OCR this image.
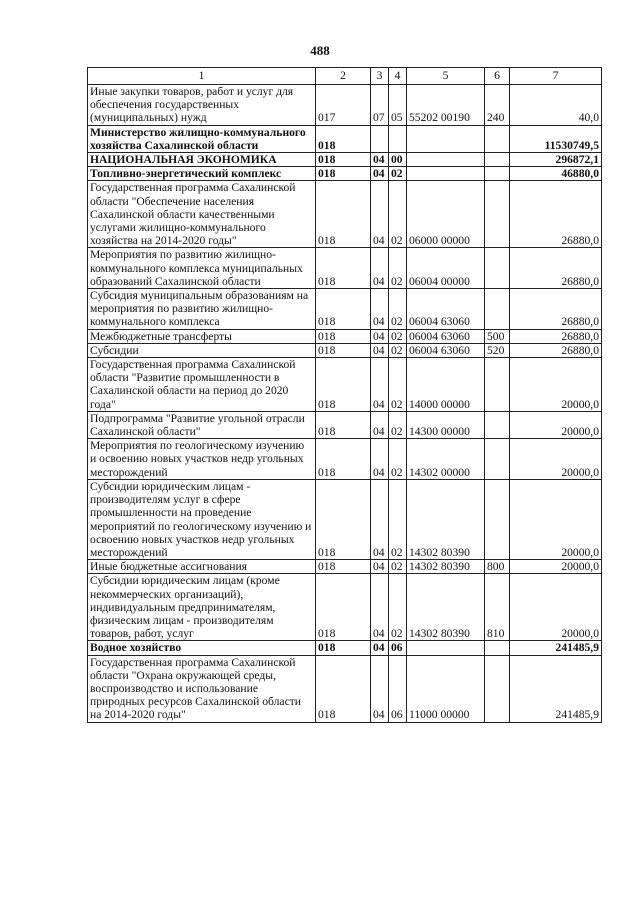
488
1	2	3	4	5	6	7
Иные закупки товаров, работ и услуг для обеспечения государственных (муниципальных) нужд	017	07	05	55202 00190	240	40,0
Министерство жилищно-коммунального хозяйства Сахалинской области	018					11530749,5
НАЦИОНАЛЬНАЯ ЭКОНОМИКА	018	04	00			296872,1
Топливно-энергетический комплекс	018	04	02			46880,0
Государственная программа Сахалинской области "Обеспечение населения Сахалинской области качественными услугами жилищно-коммунального хозяйства на 2014-2020 годы"	018	04	02	06000 00000		26880,0
Мероприятия по развитию жилищно-коммунального комплекса муниципальных образований Сахалинской области	018	04	02	06004 00000		26880,0
Субсидия муниципальным образованиям на мероприятия по развитию жилищно-коммунального комплекса	018	04	02	06004 63060		26880,0
Межбюджетные трансферты	018	04	02	06004 63060	500	26880,0
Субсидии	018	04	02	06004 63060	520	26880,0
Государственная программа Сахалинской области "Развитие промышленности в Сахалинской области на период до 2020 года"	018	04	02	14000 00000		20000,0
Подпрограмма "Развитие угольной отрасли Сахалинской области"	018	04	02	14300 00000		20000,0
Мероприятия по геологическому изучению и освоению новых участков недр угольных месторождений	018	04	02	14302 00000		20000,0
Субсидии юридическим лицам - производителям услуг в сфере промышленности на проведение мероприятий по геологическому изучению и освоению новых участков недр угольных месторождений	018	04	02	14302 80390		20000,0
Иные бюджетные ассигнования	018	04	02	14302 80390	800	20000,0
Субсидии юридическим лицам (кроме некоммерческих организаций), индивидуальным предпринимателям, физическим лицам - производителям товаров, работ, услуг	018	04	02	14302 80390	810	20000,0
Водное хозяйство	018	04	06			241485,9
Государственная программа Сахалинской области "Охрана окружающей среды, воспроизводство и использование природных ресурсов Сахалинской области на 2014-2020 годы"	018	04	06	11000 00000		241485,9
